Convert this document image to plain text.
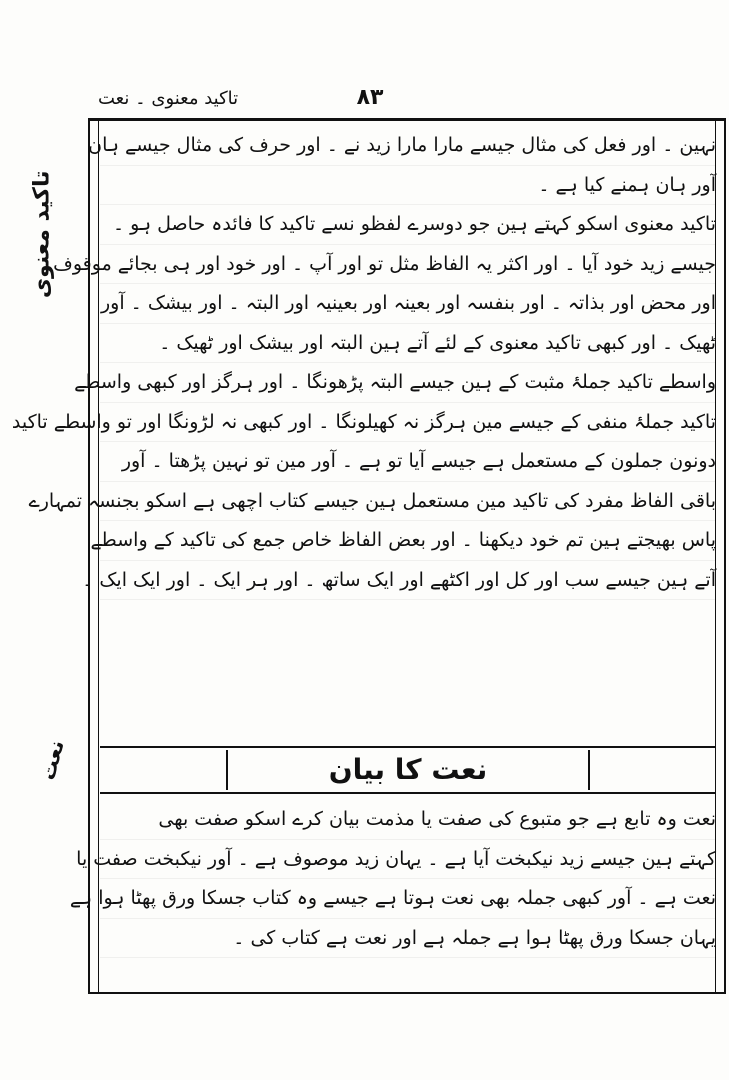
تاکید معنوی ۔ نعت	۸۳
تاکید معنوی
نعت
نہین ۔ اور فعل کی مثال جیسے مارا مارا زید نے ۔ اور حرف کی مثال جیسے ہان
آور ہان ہمنے کیا ہے ۔
تاکید معنوی اسکو کہتے ہین جو دوسرے لفظو نسے تاکید کا فائدہ حاصل ہو ۔
جیسے زید خود آیا ۔ اور اکثر یہ الفاظ مثل تو اور آپ ۔ اور خود اور ہی بجائے موقوف
اور محض اور بذاتہ ۔ اور بنفسہ اور بعینہ اور بعینیہ اور البتہ ۔ اور بیشک ۔ آور
ٹھیک ۔ اور کبھی تاکید معنوی کے لئے آتے ہین البتہ اور بیشک اور ٹھیک ۔
واسطے تاکید جملۂ مثبت کے ہین جیسے البتہ پڑھونگا ۔ اور ہرگز اور کبھی واسطے
تاکید جملۂ منفی کے جیسے مین ہرگز نہ کھیلونگا ۔ اور کبھی نہ لڑونگا اور تو واسطے تاکید
دونون جملون کے مستعمل ہے جیسے آیا تو ہے ۔ آور مین تو نہین پڑھتا ۔ آور
باقی الفاظ مفرد کی تاکید مین مستعمل ہین جیسے کتاب اچھی ہے اسکو بجنسہ تمہارے
پاس بھیجتے ہین تم خود دیکھنا ۔ اور بعض الفاظ خاص جمع کی تاکید کے واسطے
آتے ہین جیسے سب اور کل اور اکٹھے اور ایک ساتھ ۔ اور ہر ایک ۔ اور ایک ایک ۔
نعت کا بیان
نعت وہ تابع ہے جو متبوع کی صفت یا مذمت بیان کرے اسکو صفت بھی
کہتے ہین جیسے زید نیکبخت آیا ہے ۔ یہان زید موصوف ہے ۔ آور نیکبخت صفت یا
نعت ہے ۔ آور کبھی جملہ بھی نعت ہوتا ہے جیسے وہ کتاب جسکا ورق پھٹا ہوا ہے
یہان جسکا ورق پھٹا ہوا ہے جملہ ہے اور نعت ہے کتاب کی ۔
